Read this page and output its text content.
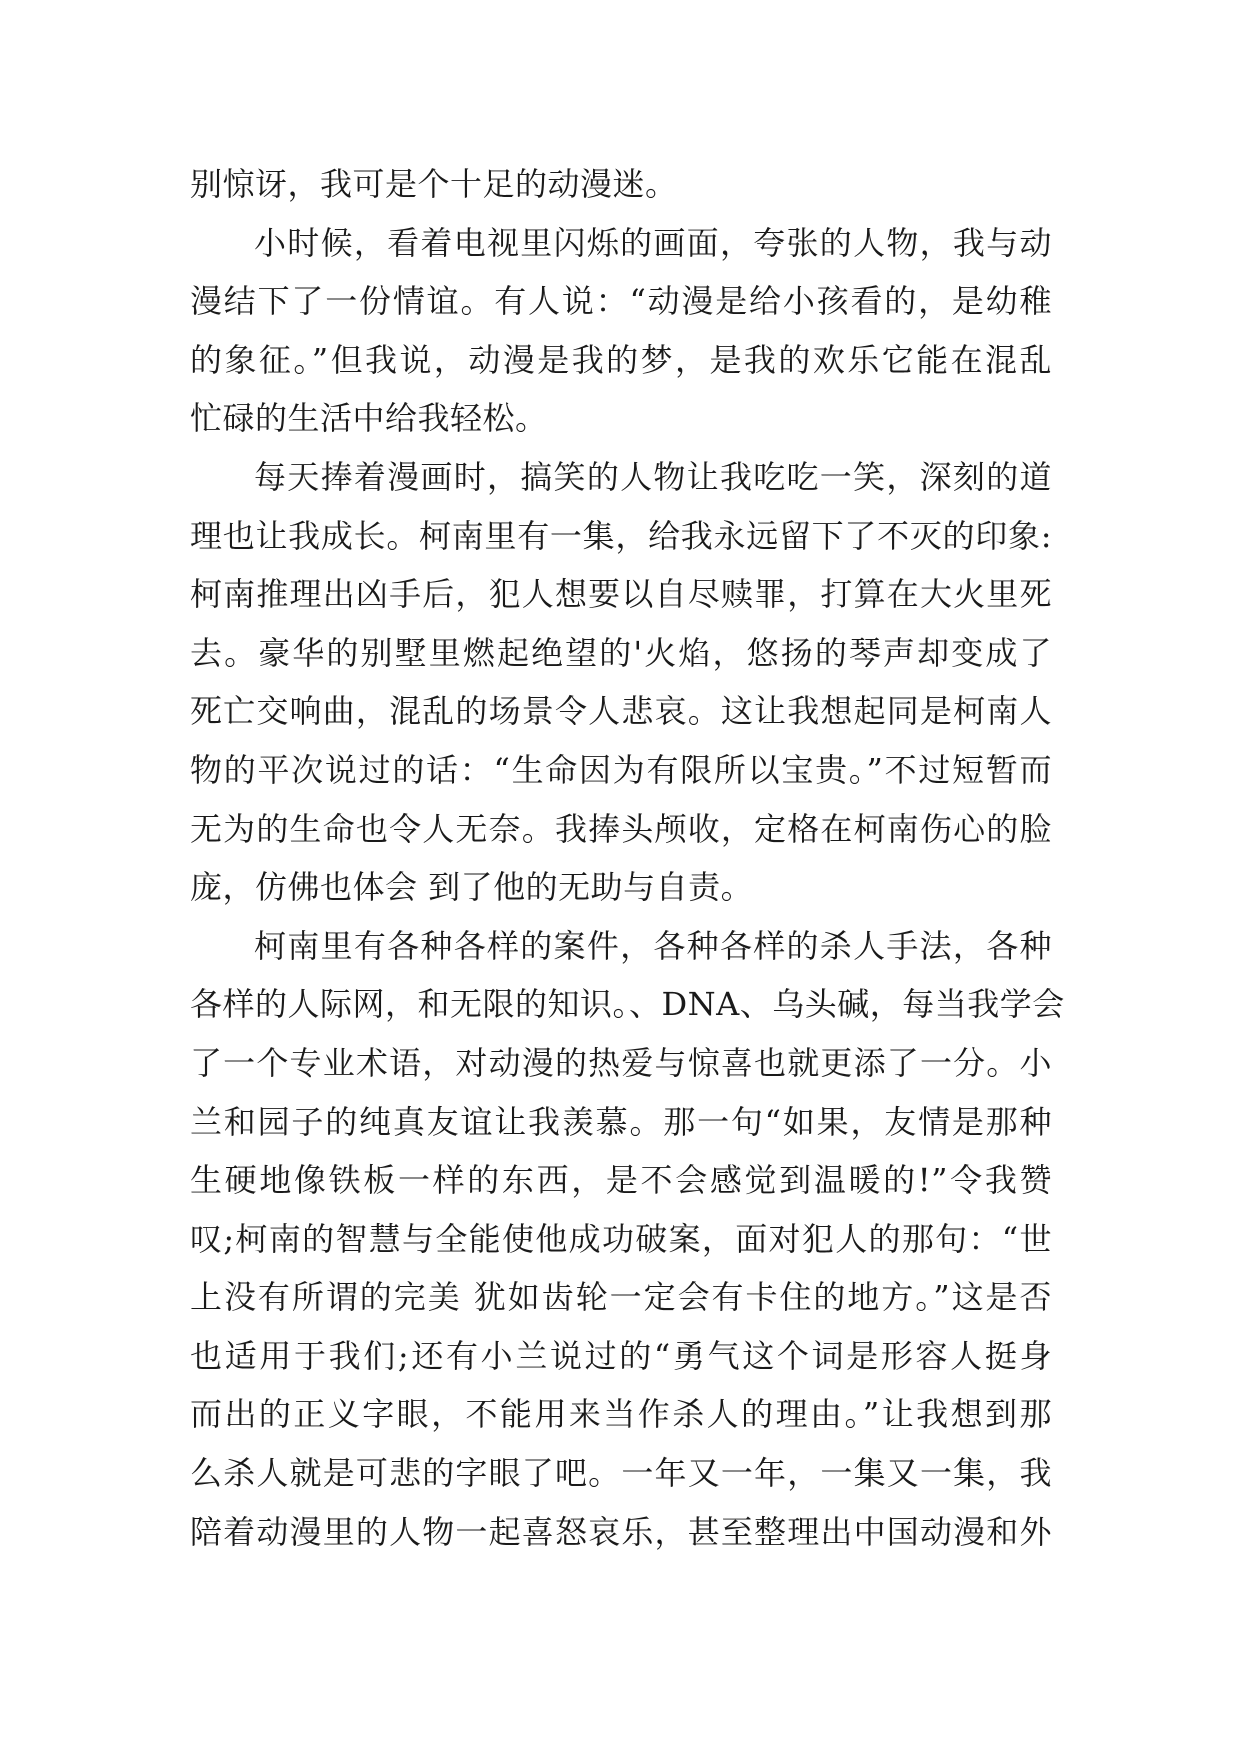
别惊讶，我可是个十足的动漫迷。
小时候，看着电视里闪烁的画面，夸张的人物，我与动
漫结下了一份情谊。有人说：“动漫是给小孩看的，是幼稚
的象征。”但我说，动漫是我的梦，是我的欢乐它能在混乱
忙碌的生活中给我轻松。
每天捧着漫画时，搞笑的人物让我吃吃一笑，深刻的道
理也让我成长。柯南里有一集，给我永远留下了不灭的印象:
柯南推理出凶手后，犯人想要以自尽赎罪，打算在大火里死
去。豪华的别墅里燃起绝望的'火焰，悠扬的琴声却变成了
死亡交响曲，混乱的场景令人悲哀。这让我想起同是柯南人
物的平次说过的话：“生命因为有限所以宝贵。”不过短暂而
无为的生命也令人无奈。我捧头颅收，定格在柯南伤心的脸
庞，仿佛也体会 到了他的无助与自责。
柯南里有各种各样的案件，各种各样的杀人手法，各种
各样的人际网，和无限的知识。、DNA、乌头碱，每当我学会
了一个专业术语，对动漫的热爱与惊喜也就更添了一分。小
兰和园子的纯真友谊让我羡慕。那一句“如果，友情是那种
生硬地像铁板一样的东西，是不会感觉到温暖的!”令我赞
叹;柯南的智慧与全能使他成功破案，面对犯人的那句：“世
上没有所谓的完美 犹如齿轮一定会有卡住的地方。”这是否
也适用于我们;还有小兰说过的“勇气这个词是形容人挺身
而出的正义字眼，不能用来当作杀人的理由。”让我想到那
么杀人就是可悲的字眼了吧。一年又一年，一集又一集，我
陪着动漫里的人物一起喜怒哀乐，甚至整理出中国动漫和外
